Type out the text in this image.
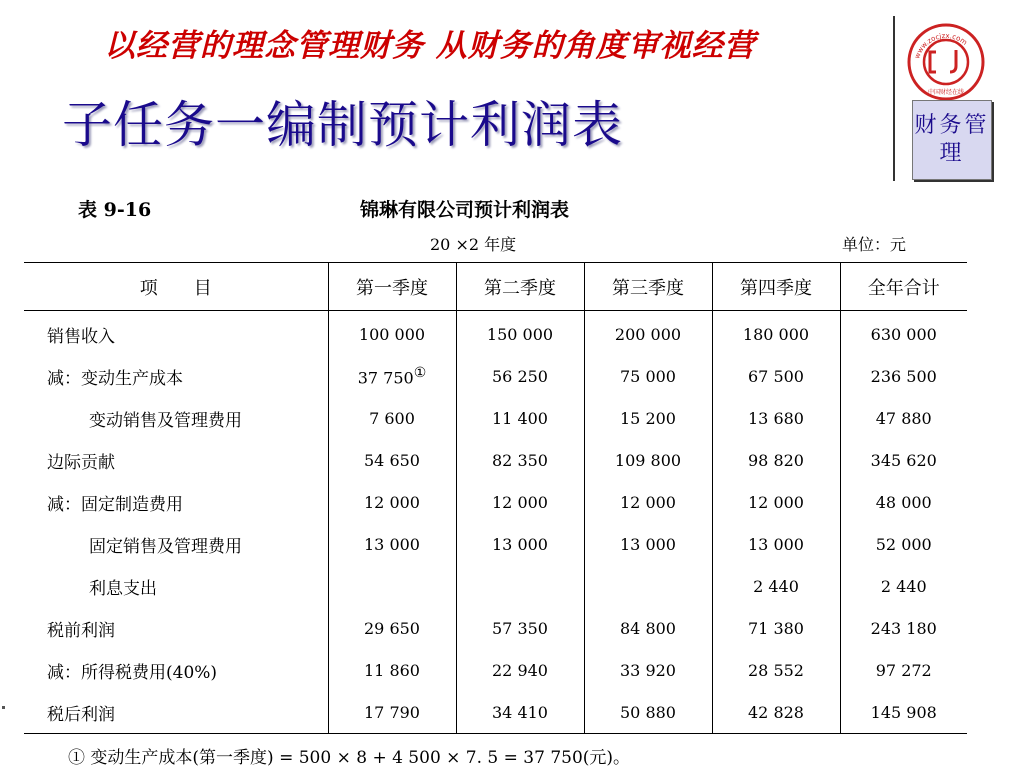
以经营的理念管理财务 从财务的角度审视经营
子任务一编制预计利润表
www.zocjzx.com
中国财经在线
财务管理
表 9-16	锦琳有限公司预计利润表
20 ×2 年度	单位：元
项　　目	第一季度	第二季度	第三季度	第四季度	全年合计
销售收入	100 000	150 000	200 000	180 000	630 000
减：变动生产成本	37 750①	56 250	75 000	67 500	236 500
变动销售及管理费用	7 600	11 400	15 200	13 680	47 880
边际贡献	54 650	82 350	109 800	98 820	345 620
减：固定制造费用	12 000	12 000	12 000	12 000	48 000
固定销售及管理费用	13 000	13 000	13 000	13 000	52 000
利息支出				2 440	2 440
税前利润	29 650	57 350	84 800	71 380	243 180
减：所得税费用(40%)	11 860	22 940	33 920	28 552	97 272
税后利润	17 790	34 410	50 880	42 828	145 908
① 变动生产成本(第一季度) = 500 × 8 + 4 500 × 7. 5 = 37 750(元)。
